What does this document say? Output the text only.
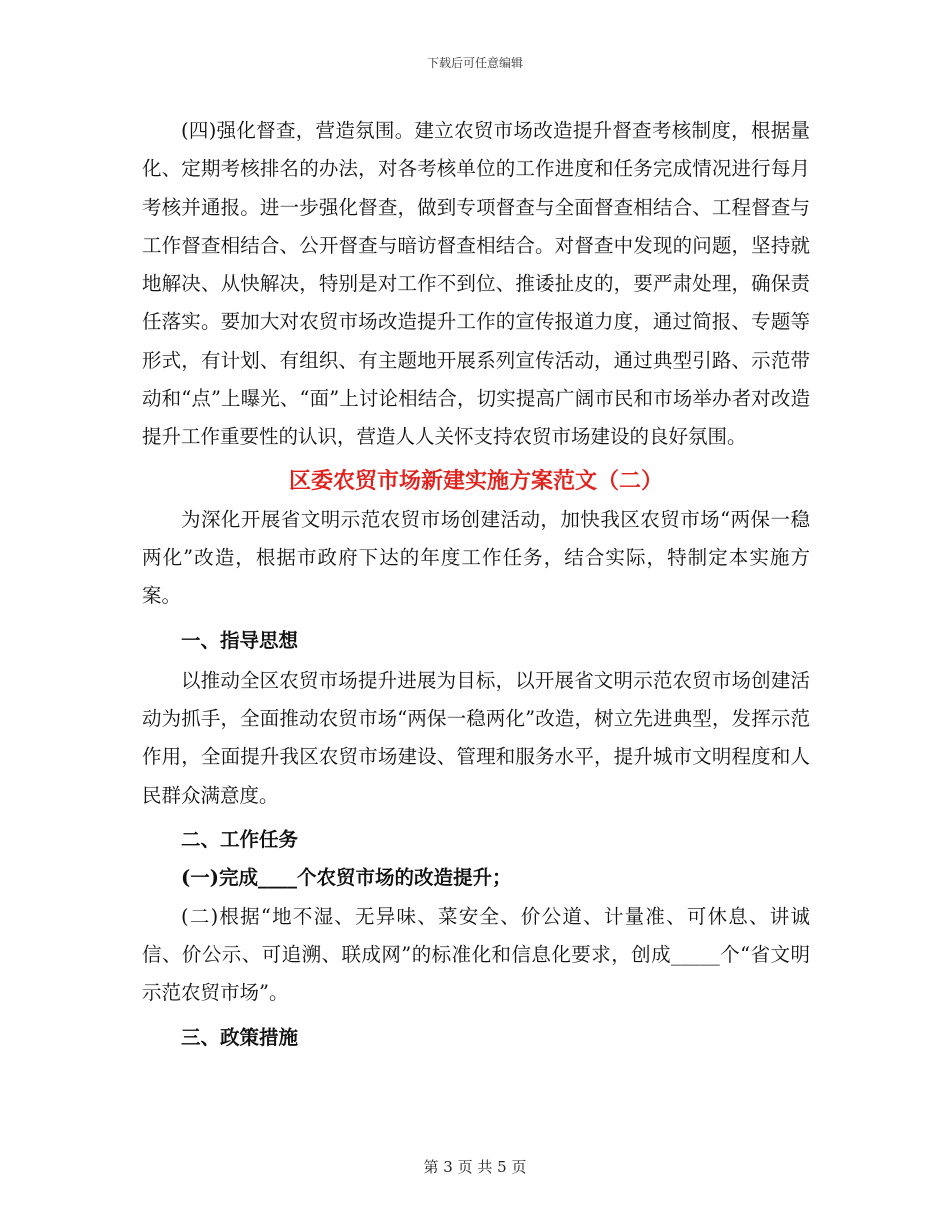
下载后可任意编辑

(四)强化督查，营造氛围。建立农贸市场改造提升督查考核制度，根据量化、定期考核排名的办法，对各考核单位的工作进度和任务完成情况进行每月考核并通报。进一步强化督查，做到专项督查与全面督查相结合、工程督查与工作督查相结合、公开督查与暗访督查相结合。对督查中发现的问题，坚持就地解决、从快解决，特别是对工作不到位、推诿扯皮的，要严肃处理，确保责任落实。要加大对农贸市场改造提升工作的宣传报道力度，通过简报、专题等形式，有计划、有组织、有主题地开展系列宣传活动，通过典型引路、示范带动和“点”上曝光、“面”上讨论相结合，切实提高广阔市民和市场举办者对改造提升工作重要性的认识，营造人人关怀支持农贸市场建设的良好氛围。

区委农贸市场新建实施方案范文（二）

为深化开展省文明示范农贸市场创建活动，加快我区农贸市场“两保一稳两化”改造，根据市政府下达的年度工作任务，结合实际，特制定本实施方案。

一、指导思想

以推动全区农贸市场提升进展为目标，以开展省文明示范农贸市场创建活动为抓手，全面推动农贸市场“两保一稳两化”改造，树立先进典型，发挥示范作用，全面提升我区农贸市场建设、管理和服务水平，提升城市文明程度和人民群众满意度。

二、工作任务

(一)完成____个农贸市场的改造提升；

(二)根据“地不湿、无异味、菜安全、价公道、计量准、可休息、讲诚信、价公示、可追溯、联成网”的标准化和信息化要求，创成_____个“省文明示范农贸市场”。

三、政策措施
第 3 页 共 5 页
